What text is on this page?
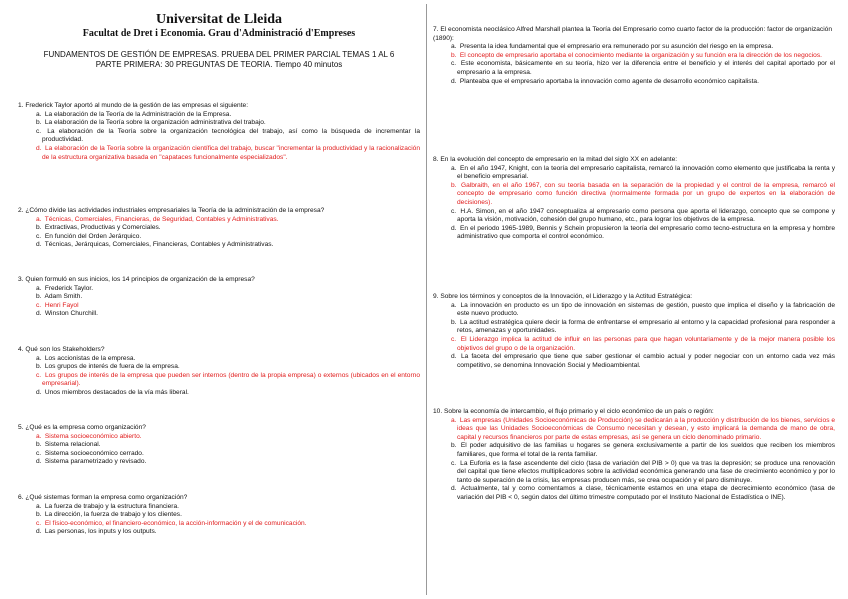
Universitat de Lleida
Facultat de Dret i Economia. Grau d'Administració d'Empreses
FUNDAMENTOS DE GESTIÓN DE EMPRESAS. PRUEBA DEL PRIMER PARCIAL TEMAS 1 AL 6
PARTE PRIMERA: 30 PREGUNTAS DE TEORIA. Tiempo 40 minutos
1. Frederick Taylor aportó al mundo de la gestión de las empresas el siguiente:
a. La elaboración de la Teoría de la Administración de la Empresa.
b. La elaboración de la Teoría sobre la organización administrativa del trabajo.
c. La elaboración de la Teoría sobre la organización tecnológica del trabajo, así como la búsqueda de incrementar la productividad.
d. La elaboración de la Teoría sobre la organización científica del trabajo, buscar "incrementar la productividad y la racionalización de la estructura organizativa basada en "capataces funcionalmente especializados".
2. ¿Cómo divide las actividades industriales empresariales la Teoría de la administración de la empresa?
a. Técnicas, Comerciales, Financieras, de Seguridad, Contables y Administrativas.
b. Extractivas, Productivas y Comerciales.
c. En función del Orden Jerárquico.
d. Técnicas, Jerárquicas, Comerciales, Financieras, Contables y Administrativas.
3. Quien formuló en sus inicios, los 14 principios de organización de la empresa?
a. Frederick Taylor.
b. Adam Smith.
c. Henri Fayol
d. Winston Churchill.
4. Qué son los Stakeholders?
a. Los accionistas de la empresa.
b. Los grupos de interés de fuera de la empresa.
c. Los grupos de interés de la empresa que pueden ser internos (dentro de la propia empresa) o externos (ubicados en el entorno empresarial).
d. Unos miembros destacados de la vía más liberal.
5. ¿Qué es la empresa como organización?
a. Sistema socioeconómico abierto.
b. Sistema relacional.
c. Sistema socioeconómico cerrado.
d. Sistema parametrizado y revisado.
6. ¿Qué sistemas forman la empresa como organización?
a. La fuerza de trabajo y la estructura financiera.
b. La dirección, la fuerza de trabajo y los clientes.
c. El físico-económico, el financiero-económico, la acción-información y el de comunicación.
d. Las personas, los inputs y los outputs.
7. El economista neoclásico Alfred Marshall plantea la Teoría del Empresario como cuarto factor de la producción: factor de organización (1890):
a. Presenta la idea fundamental que el empresario era remunerado por su asunción del riesgo en la empresa.
b. El concepto de empresario aportaba el conocimiento mediante la organización y su función era la dirección de los negocios.
c. Este economista, básicamente en su teoría, hizo ver la diferencia entre el beneficio y el interés del capital aportado por el empresario a la empresa.
d. Planteaba que el empresario aportaba la innovación como agente de desarrollo económico capitalista.
8. En la evolución del concepto de empresario en la mitad del siglo XX en adelante:
a. En el año 1947, Knight, con la teoría del empresario capitalista, remarcó la innovación como elemento que justificaba la renta y el beneficio empresarial.
b. Galbraith, en el año 1967, con su teoría basada en la separación de la propiedad y el control de la empresa, remarcó el concepto de empresario como función directiva (normalmente formada por un grupo de expertos en la elaboración de decisiones).
c. H.A. Simon, en el año 1947 conceptualiza al empresario como persona que aporta el liderazgo, concepto que se compone y aporta la visión, motivación, cohesión del grupo humano, etc., para lograr los objetivos de la empresa.
d. En el periodo 1965-1989, Bennis y Schein propusieron la teoría del empresario como tecno-estructura en la empresa y hombre administrativo que comporta el control económico.
9. Sobre los términos y conceptos de la Innovación, el Liderazgo y la Actitud Estratégica:
a. La innovación en producto es un tipo de innovación en sistemas de gestión, puesto que implica el diseño y la fabricación de este nuevo producto.
b. La actitud estratégica quiere decir la forma de enfrentarse el empresario al entorno y la capacidad profesional para responder a retos, amenazas y oportunidades.
c. El Liderazgo implica la actitud de influir en las personas para que hagan voluntariamente y de la mejor manera posible los objetivos del grupo o de la organización.
d. La faceta del empresario que tiene que saber gestionar el cambio actual y poder negociar con un entorno cada vez más competitivo, se denomina Innovación Social y Medioambiental.
10. Sobre la economía de intercambio, el flujo primario y el ciclo económico de un país o región:
a. Las empresas (Unidades Socioeconómicas de Producción) se dedicarán a la producción y distribución de los bienes, servicios e ideas que las Unidades Socioeconómicas de Consumo necesitan y desean, y esto implicará la demanda de mano de obra, capital y recursos financieros por parte de estas empresas, así se genera un ciclo denominado primario.
b. El poder adquisitivo de las familias u hogares se genera exclusivamente a partir de los sueldos que reciben los miembros familiares, que forma el total de la renta familiar.
c. La Euforia es la fase ascendente del ciclo (tasa de variación del PIB > 0) que va tras la depresión; se produce una renovación del capital que tiene efectos multiplicadores sobre la actividad económica generando una fase de crecimiento económico y por lo tanto de superación de la crisis, las empresas producen más, se crea ocupación y el paro disminuye.
d. Actualmente, tal y como comentamos a clase, técnicamente estamos en una etapa de decrecimiento económico (tasa de variación del PIB < 0, según datos del último trimestre computado por el Instituto Nacional de Estadística o INE).
